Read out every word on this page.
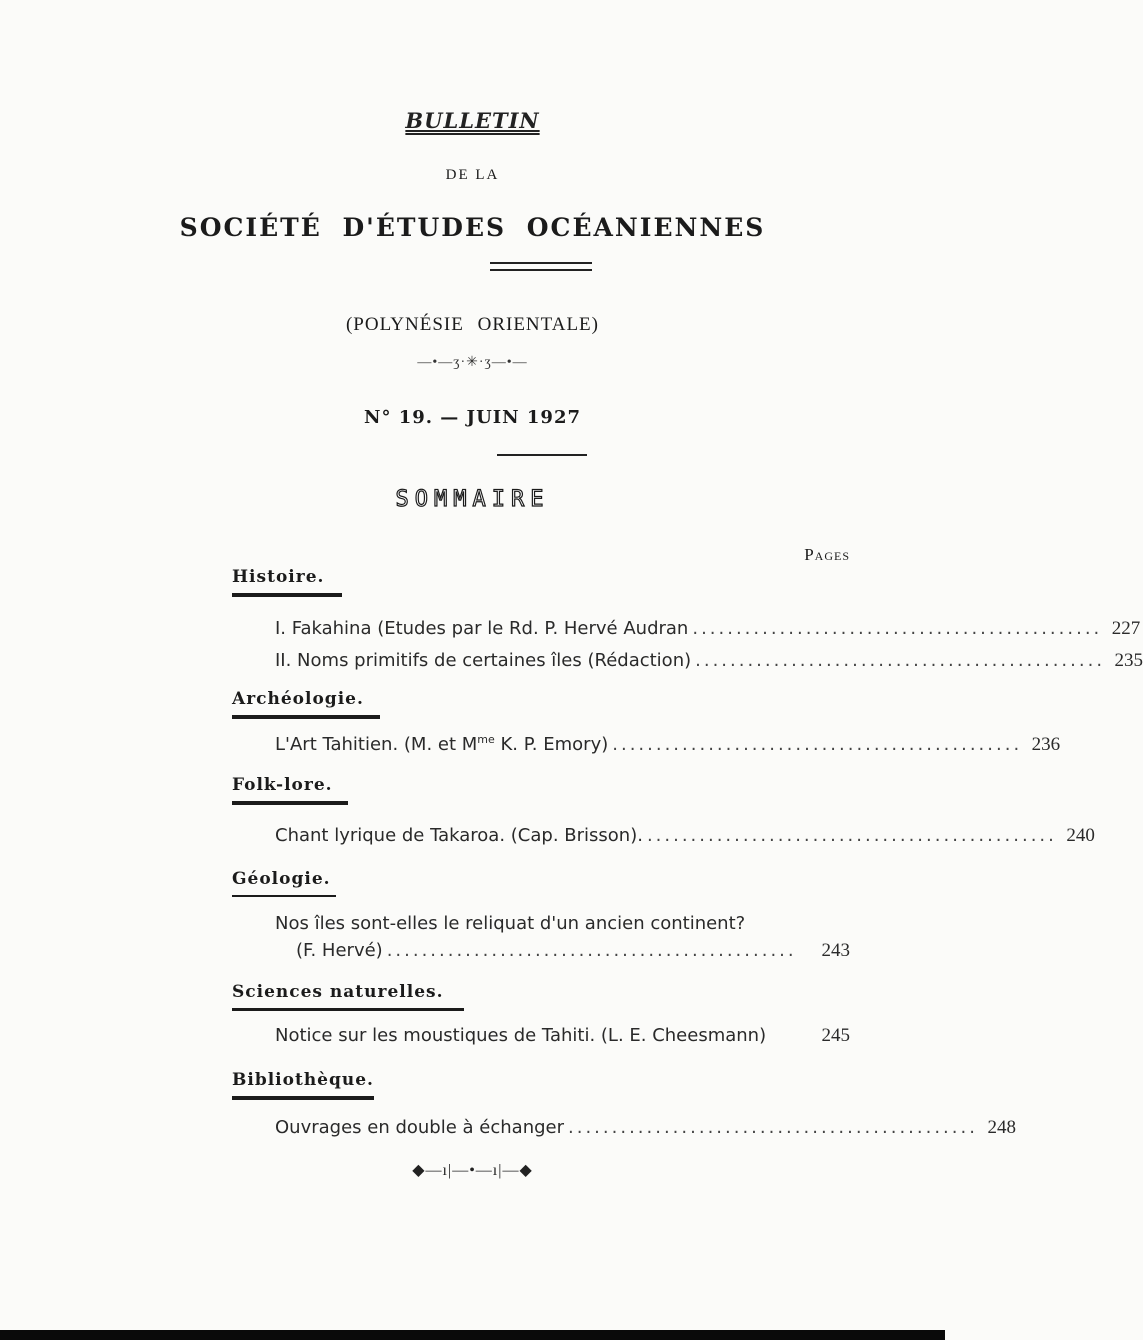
BULLETIN
DE LA
SOCIÉTÉ D'ÉTUDES OCÉANIENNES
(POLYNÉSIE ORIENTALE)
—•—ʒ·✳·ʒ—•—
N° 19. — JUIN 1927
SOMMAIRE
Pages
Histoire.
I. Fakahina (Etudes par le Rd. P. Hervé Audran ............................................... 227
II. Noms primitifs de certaines îles (Rédaction) ............................................... 235
Archéologie.
L'Art Tahitien. (M. et $M^{me}$ K. P. Emory) ............................................... 236
Folk-lore.
Chant lyrique de Takaroa. (Cap. Brisson). ............................................... 240
Géologie.
Nos îles sont-elles le reliquat d'un ancien continent?
(F. Hervé) ...............................................	243
Sciences naturelles.
Notice sur les moustiques de Tahiti. (L. E. Cheesmann)	245
Bibliothèque.
Ouvrages en double à échanger ............................................... 248
◆—ı|—•—ı|—◆
